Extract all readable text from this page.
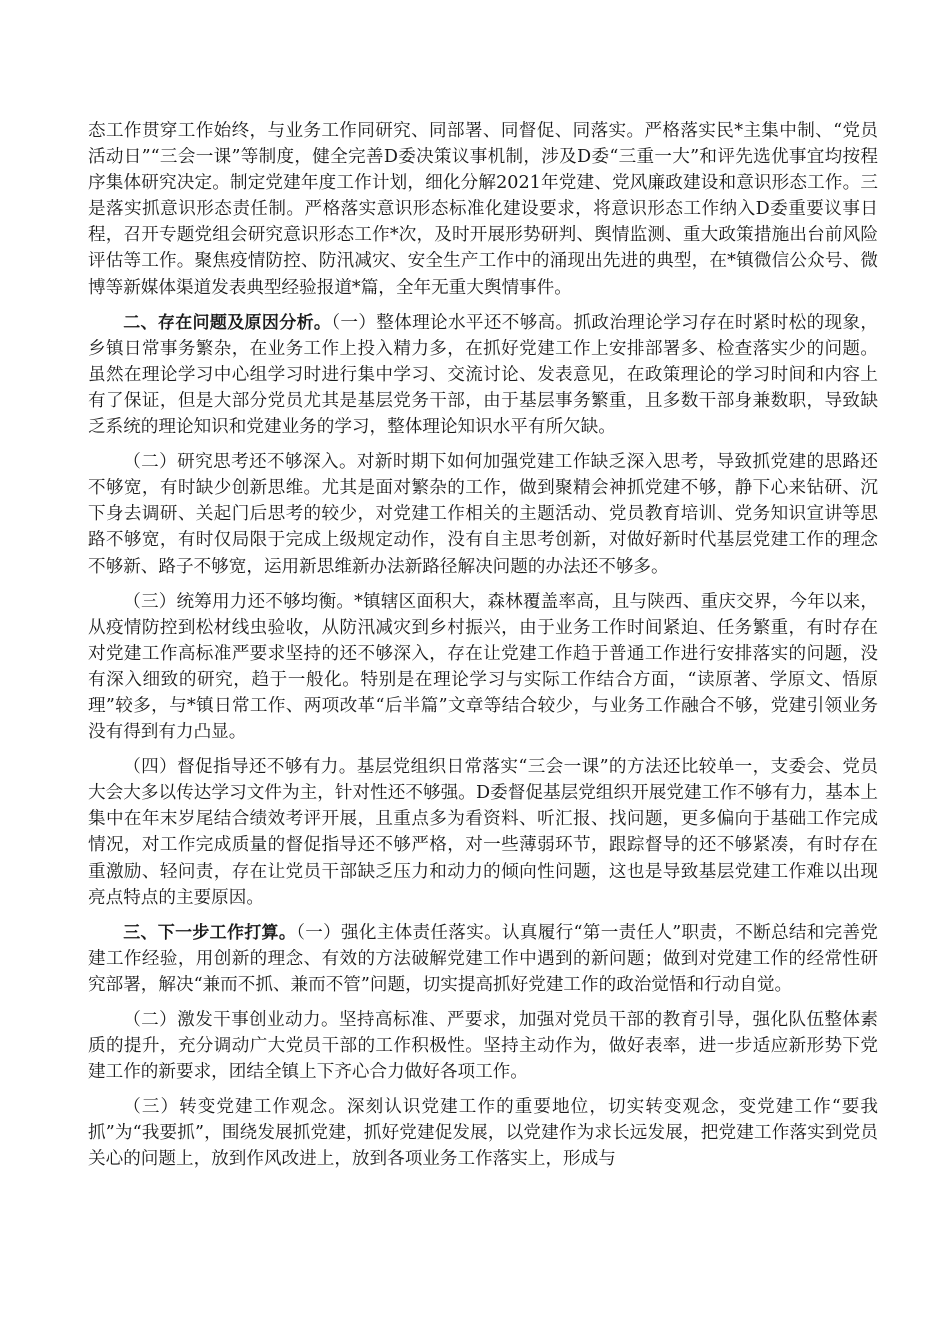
态工作贯穿工作始终，与业务工作同研究、同部署、同督促、同落实。严格落实民*主集中制、“党员活动日”“三会一课”等制度，健全完善D委决策议事机制，涉及D委“三重一大”和评先选优事宜均按程序集体研究决定。制定党建年度工作计划，细化分解2021年党建、党风廉政建设和意识形态工作。三是落实抓意识形态责任制。严格落实意识形态标准化建设要求，将意识形态工作纳入D委重要议事日程，召开专题党组会研究意识形态工作*次，及时开展形势研判、舆情监测、重大政策措施出台前风险评估等工作。聚焦疫情防控、防汛减灾、安全生产工作中的涌现出先进的典型，在*镇微信公众号、微博等新媒体渠道发表典型经验报道*篇，全年无重大舆情事件。

二、存在问题及原因分析。（一）整体理论水平还不够高。抓政治理论学习存在时紧时松的现象，乡镇日常事务繁杂，在业务工作上投入精力多，在抓好党建工作上安排部署多、检查落实少的问题。虽然在理论学习中心组学习时进行集中学习、交流讨论、发表意见，在政策理论的学习时间和内容上有了保证，但是大部分党员尤其是基层党务干部，由于基层事务繁重，且多数干部身兼数职，导致缺乏系统的理论知识和党建业务的学习，整体理论知识水平有所欠缺。

（二）研究思考还不够深入。对新时期下如何加强党建工作缺乏深入思考，导致抓党建的思路还不够宽，有时缺少创新思维。尤其是面对繁杂的工作，做到聚精会神抓党建不够，静下心来钻研、沉下身去调研、关起门后思考的较少，对党建工作相关的主题活动、党员教育培训、党务知识宣讲等思路不够宽，有时仅局限于完成上级规定动作，没有自主思考创新，对做好新时代基层党建工作的理念不够新、路子不够宽，运用新思维新办法新路径解决问题的办法还不够多。

（三）统筹用力还不够均衡。*镇辖区面积大，森林覆盖率高，且与陕西、重庆交界，今年以来，从疫情防控到松材线虫验收，从防汛减灾到乡村振兴，由于业务工作时间紧迫、任务繁重，有时存在对党建工作高标准严要求坚持的还不够深入，存在让党建工作趋于普通工作进行安排落实的问题，没有深入细致的研究，趋于一般化。特别是在理论学习与实际工作结合方面，“读原著、学原文、悟原理”较多，与*镇日常工作、两项改革“后半篇”文章等结合较少，与业务工作融合不够，党建引领业务没有得到有力凸显。

（四）督促指导还不够有力。基层党组织日常落实“三会一课”的方法还比较单一，支委会、党员大会大多以传达学习文件为主，针对性还不够强。D委督促基层党组织开展党建工作不够有力，基本上集中在年末岁尾结合绩效考评开展，且重点多为看资料、听汇报、找问题，更多偏向于基础工作完成情况，对工作完成质量的督促指导还不够严格，对一些薄弱环节，跟踪督导的还不够紧凑，有时存在重激励、轻问责，存在让党员干部缺乏压力和动力的倾向性问题，这也是导致基层党建工作难以出现亮点特点的主要原因。

三、下一步工作打算。（一）强化主体责任落实。认真履行“第一责任人”职责，不断总结和完善党建工作经验，用创新的理念、有效的方法破解党建工作中遇到的新问题；做到对党建工作的经常性研究部署，解决“兼而不抓、兼而不管”问题，切实提高抓好党建工作的政治觉悟和行动自觉。

（二）激发干事创业动力。坚持高标准、严要求，加强对党员干部的教育引导，强化队伍整体素质的提升，充分调动广大党员干部的工作积极性。坚持主动作为，做好表率，进一步适应新形势下党建工作的新要求，团结全镇上下齐心合力做好各项工作。

（三）转变党建工作观念。深刻认识党建工作的重要地位，切实转变观念，变党建工作“要我抓”为“我要抓”，围绕发展抓党建，抓好党建促发展，以党建作为求长远发展，把党建工作落实到党员关心的问题上，放到作风改进上，放到各项业务工作落实上，形成与
